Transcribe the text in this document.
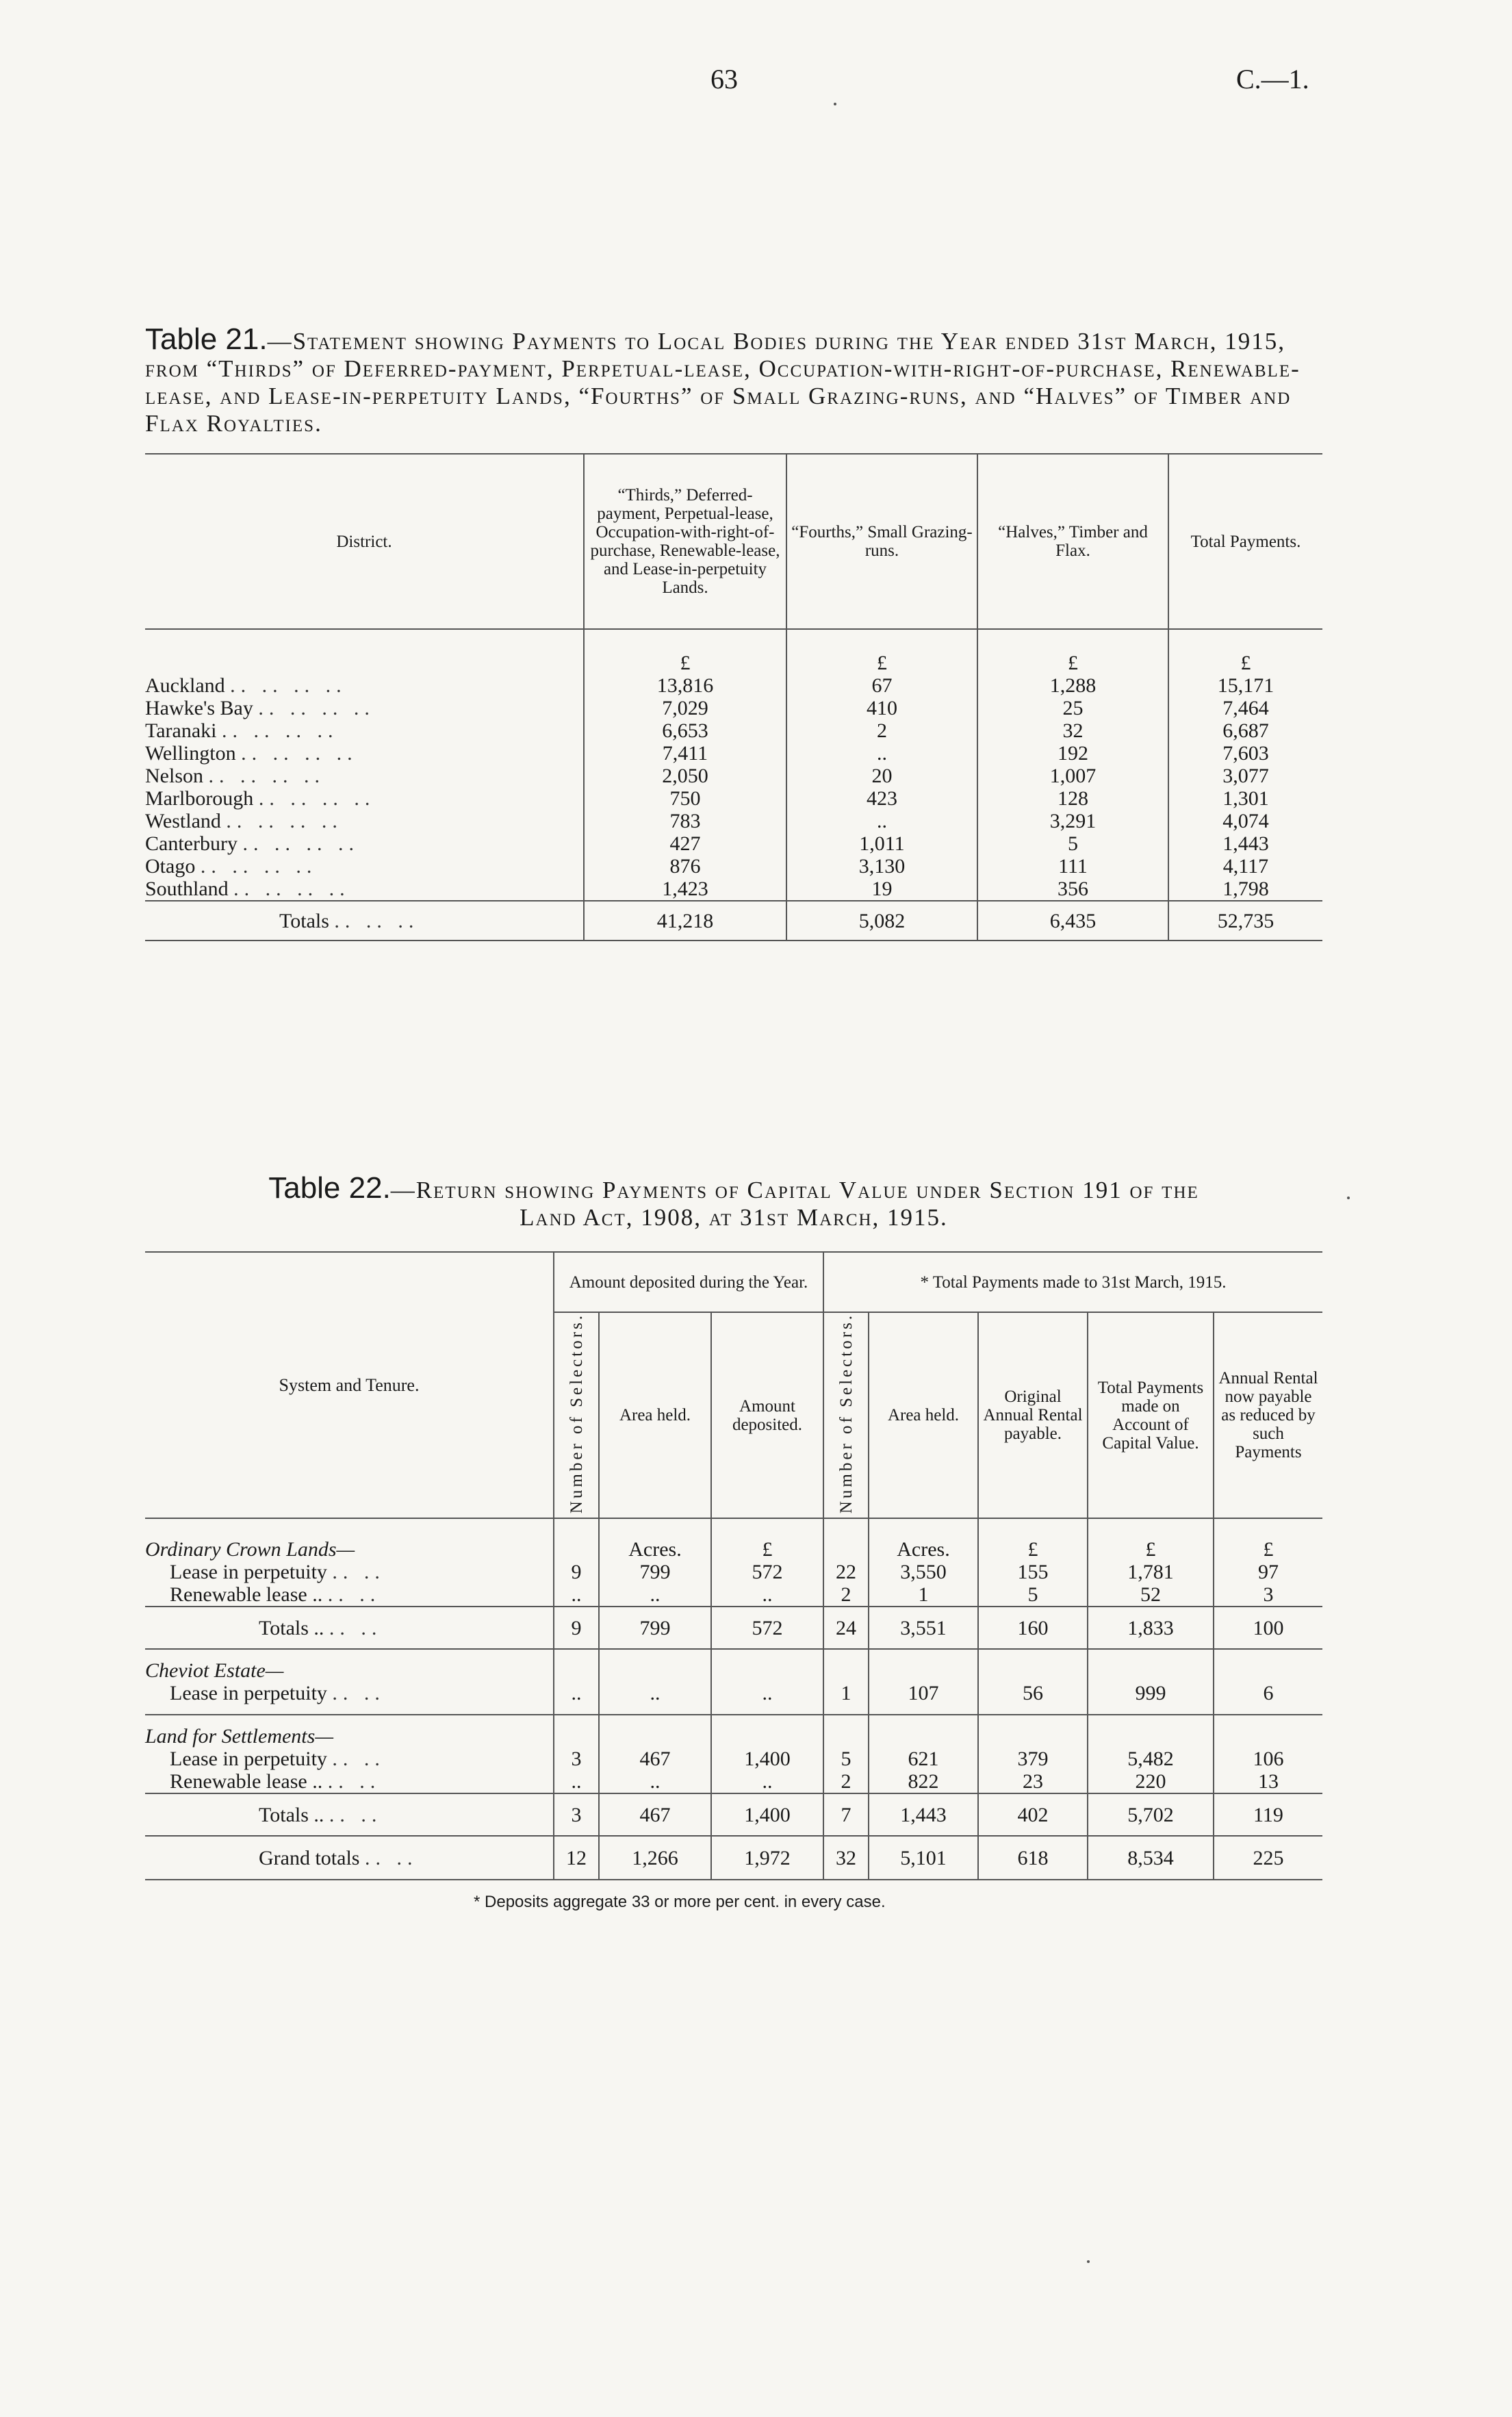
63	C.—1.
Table 21.—Statement showing Payments to Local Bodies during the Year ended 31st March, 1915, from “Thirds” of Deferred-payment, Perpetual-lease, Occupation-with-right-of-purchase, Renewable-lease, and Lease-in-perpetuity Lands, “Fourths” of Small Grazing-runs, and “Halves” of Timber and Flax Royalties.
District.	“Thirds,” Deferred-payment, Perpetual-lease, Occupation-with-right-of-purchase, Renewable-lease, and Lease-in-perpetuity Lands.	“Fourths,” Small Grazing-runs.	“Halves,” Timber and Flax.	Total Payments.
	£	£	£	£
Auckland .. .. .. ..	13,816	67	1,288	15,171
Hawke's Bay .. .. .. ..	7,029	410	25	7,464
Taranaki .. .. .. ..	6,653	2	32	6,687
Wellington .. .. .. ..	7,411	..	192	7,603
Nelson .. .. .. ..	2,050	20	1,007	3,077
Marlborough .. .. .. ..	750	423	128	1,301
Westland .. .. .. ..	783	..	3,291	4,074
Canterbury .. .. .. ..	427	1,011	5	1,443
Otago .. .. .. ..	876	3,130	111	4,117
Southland .. .. .. ..	1,423	19	356	1,798
Totals .. .. ..	41,218	5,082	6,435	52,735
Table 22.—Return showing Payments of Capital Value under Section 191 of the
Land Act, 1908, at 31st March, 1915.
System and Tenure.	Amount deposited during the Year.			* Total Payments made to 31st March, 1915.				
	Number of Selectors.	Area held.	Amount deposited.	Number of Selectors.	Area held.	Original Annual Rental payable.	Total Payments made on Account of Capital Value.	Annual Rental now payable as reduced by such Payments
Ordinary Crown Lands—		Acres.	£		Acres.	£	£	£
Lease in perpetuity .. ..	9	799	572	22	3,550	155	1,781	97
Renewable lease .. .. ..	..	..	..	2	1	5	52	3
Totals .. .. ..	9	799	572	24	3,551	160	1,833	100

Cheviot Estate—								
Lease in perpetuity .. ..	..	..	..	1	107	56	999	6

Land for Settlements—								
Lease in perpetuity .. ..	3	467	1,400	5	621	379	5,482	106
Renewable lease .. .. ..	..	..	..	2	822	23	220	13
Totals .. .. ..	3	467	1,400	7	1,443	402	5,702	119
Grand totals .. ..	12	1,266	1,972	32	5,101	618	8,534	225
* Deposits aggregate 33 or more per cent. in every case.
